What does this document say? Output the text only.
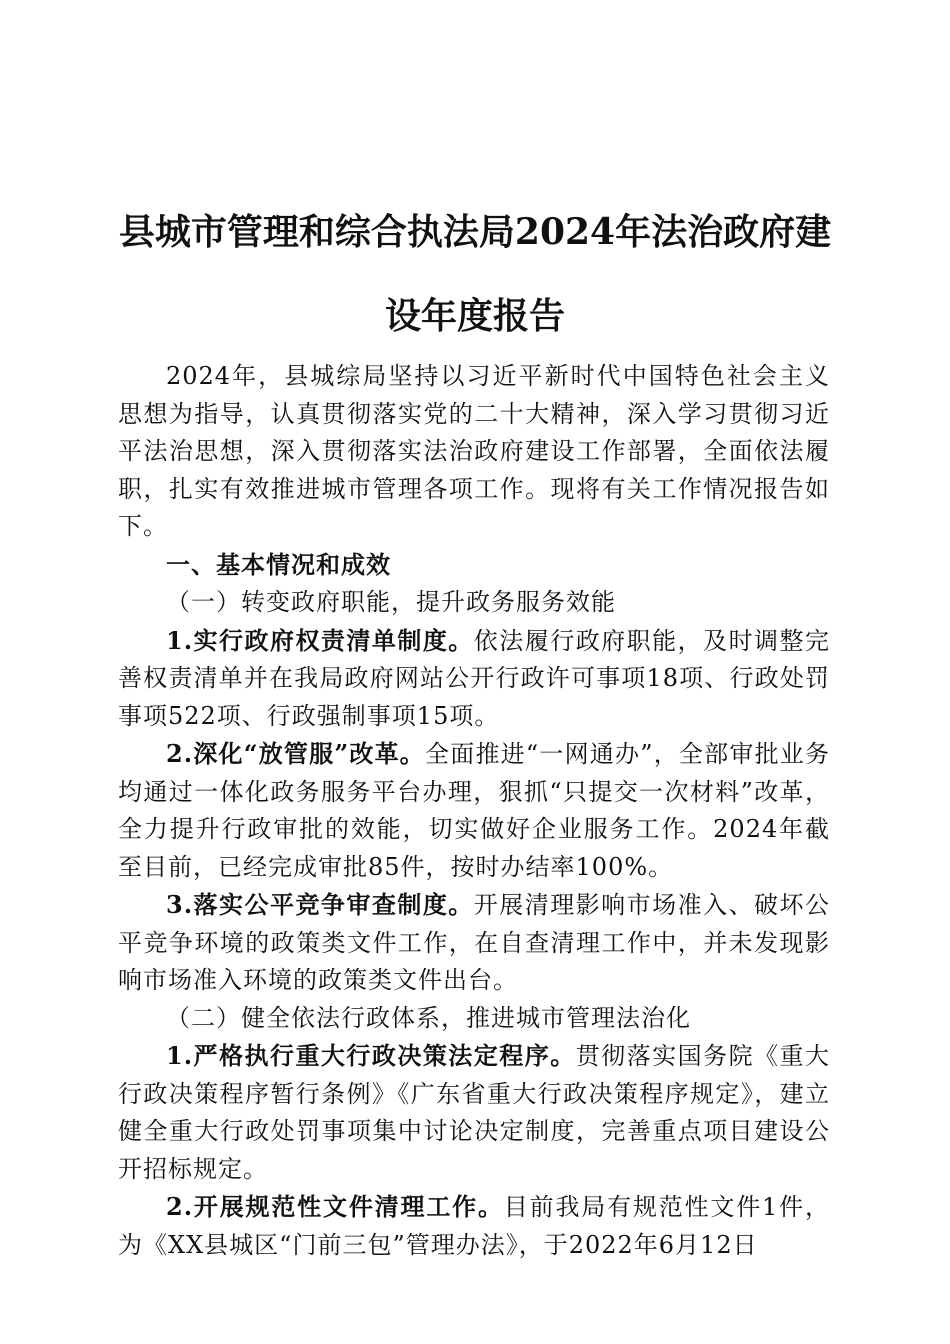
县城市管理和综合执法局2024年法治政府建
设年度报告

2024年，县城综局坚持以习近平新时代中国特色社会主义思想为指导，认真贯彻落实党的二十大精神，深入学习贯彻习近平法治思想，深入贯彻落实法治政府建设工作部署，全面依法履职，扎实有效推进城市管理各项工作。现将有关工作情况报告如下。

一、基本情况和成效

（一）转变政府职能，提升政务服务效能

1.实行政府权责清单制度。依法履行政府职能，及时调整完善权责清单并在我局政府网站公开行政许可事项18项、行政处罚事项522项、行政强制事项15项。

2.深化“放管服”改革。全面推进“一网通办”，全部审批业务均通过一体化政务服务平台办理，狠抓“只提交一次材料”改革，全力提升行政审批的效能，切实做好企业服务工作。2024年截至目前，已经完成审批85件，按时办结率100%。

3.落实公平竞争审查制度。开展清理影响市场准入、破坏公平竞争环境的政策类文件工作，在自查清理工作中，并未发现影响市场准入环境的政策类文件出台。

（二）健全依法行政体系，推进城市管理法治化

1.严格执行重大行政决策法定程序。贯彻落实国务院《重大行政决策程序暂行条例》《广东省重大行政决策程序规定》，建立健全重大行政处罚事项集中讨论决定制度，完善重点项目建设公开招标规定。

2.开展规范性文件清理工作。目前我局有规范性文件1件，为《XX县城区“门前三包”管理办法》，于2022年6月12日
